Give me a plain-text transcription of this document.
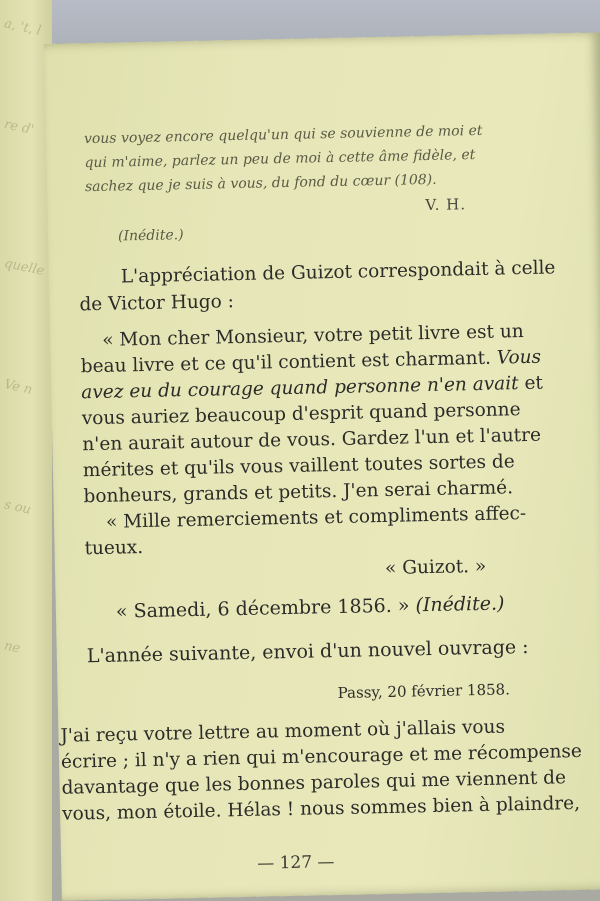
a, 't, l
re d'
quelle
Ve n
s ou
ne
vous voyez encore quelqu'un qui se souvienne de moi et
qui m'aime, parlez un peu de moi à cette âme fidèle, et
sachez que je suis à vous, du fond du cœur (108).
V. H.
(Inédite.)
L'appréciation de Guizot correspondait à celle
de Victor Hugo :
« Mon cher Monsieur, votre petit livre est un
beau livre et ce qu'il contient est charmant. Vous
avez eu du courage quand personne n'en avait et
vous auriez beaucoup d'esprit quand personne
n'en aurait autour de vous. Gardez l'un et l'autre
mérites et qu'ils vous vaillent toutes sortes de
bonheurs, grands et petits. J'en serai charmé.
« Mille remerciements et compliments affec-
tueux.
« Guizot. »
« Samedi, 6 décembre 1856. » (Inédite.)
L'année suivante, envoi d'un nouvel ouvrage :
Passy, 20 février 1858.
J'ai reçu votre lettre au moment où j'allais vous
écrire ; il n'y a rien qui m'encourage et me récompense
davantage que les bonnes paroles qui me viennent de
vous, mon étoile. Hélas ! nous sommes bien à plaindre,
— 127 —
